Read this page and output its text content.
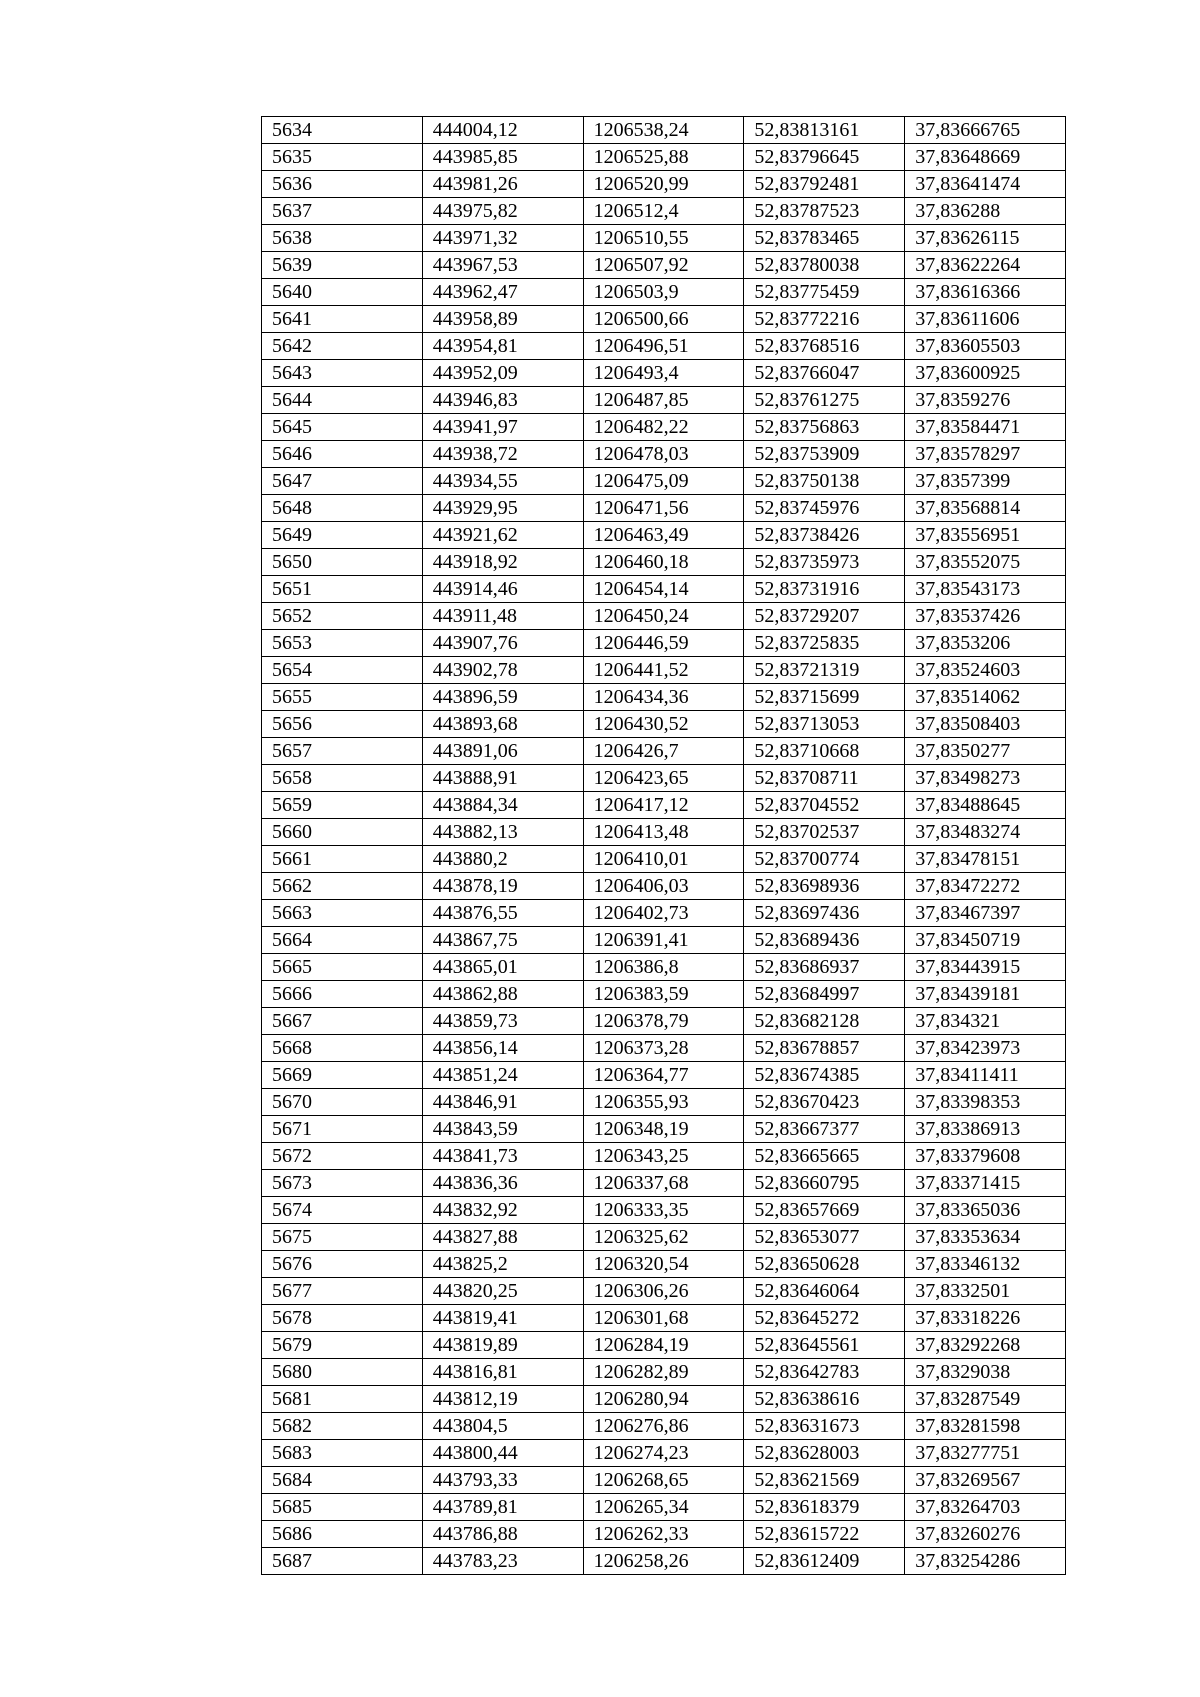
5634	444004,12	1206538,24	52,83813161	37,83666765
5635	443985,85	1206525,88	52,83796645	37,83648669
5636	443981,26	1206520,99	52,83792481	37,83641474
5637	443975,82	1206512,4	52,83787523	37,836288
5638	443971,32	1206510,55	52,83783465	37,83626115
5639	443967,53	1206507,92	52,83780038	37,83622264
5640	443962,47	1206503,9	52,83775459	37,83616366
5641	443958,89	1206500,66	52,83772216	37,83611606
5642	443954,81	1206496,51	52,83768516	37,83605503
5643	443952,09	1206493,4	52,83766047	37,83600925
5644	443946,83	1206487,85	52,83761275	37,8359276
5645	443941,97	1206482,22	52,83756863	37,83584471
5646	443938,72	1206478,03	52,83753909	37,83578297
5647	443934,55	1206475,09	52,83750138	37,8357399
5648	443929,95	1206471,56	52,83745976	37,83568814
5649	443921,62	1206463,49	52,83738426	37,83556951
5650	443918,92	1206460,18	52,83735973	37,83552075
5651	443914,46	1206454,14	52,83731916	37,83543173
5652	443911,48	1206450,24	52,83729207	37,83537426
5653	443907,76	1206446,59	52,83725835	37,8353206
5654	443902,78	1206441,52	52,83721319	37,83524603
5655	443896,59	1206434,36	52,83715699	37,83514062
5656	443893,68	1206430,52	52,83713053	37,83508403
5657	443891,06	1206426,7	52,83710668	37,8350277
5658	443888,91	1206423,65	52,83708711	37,83498273
5659	443884,34	1206417,12	52,83704552	37,83488645
5660	443882,13	1206413,48	52,83702537	37,83483274
5661	443880,2	1206410,01	52,83700774	37,83478151
5662	443878,19	1206406,03	52,83698936	37,83472272
5663	443876,55	1206402,73	52,83697436	37,83467397
5664	443867,75	1206391,41	52,83689436	37,83450719
5665	443865,01	1206386,8	52,83686937	37,83443915
5666	443862,88	1206383,59	52,83684997	37,83439181
5667	443859,73	1206378,79	52,83682128	37,834321
5668	443856,14	1206373,28	52,83678857	37,83423973
5669	443851,24	1206364,77	52,83674385	37,83411411
5670	443846,91	1206355,93	52,83670423	37,83398353
5671	443843,59	1206348,19	52,83667377	37,83386913
5672	443841,73	1206343,25	52,83665665	37,83379608
5673	443836,36	1206337,68	52,83660795	37,83371415
5674	443832,92	1206333,35	52,83657669	37,83365036
5675	443827,88	1206325,62	52,83653077	37,83353634
5676	443825,2	1206320,54	52,83650628	37,83346132
5677	443820,25	1206306,26	52,83646064	37,8332501
5678	443819,41	1206301,68	52,83645272	37,83318226
5679	443819,89	1206284,19	52,83645561	37,83292268
5680	443816,81	1206282,89	52,83642783	37,8329038
5681	443812,19	1206280,94	52,83638616	37,83287549
5682	443804,5	1206276,86	52,83631673	37,83281598
5683	443800,44	1206274,23	52,83628003	37,83277751
5684	443793,33	1206268,65	52,83621569	37,83269567
5685	443789,81	1206265,34	52,83618379	37,83264703
5686	443786,88	1206262,33	52,83615722	37,83260276
5687	443783,23	1206258,26	52,83612409	37,83254286
